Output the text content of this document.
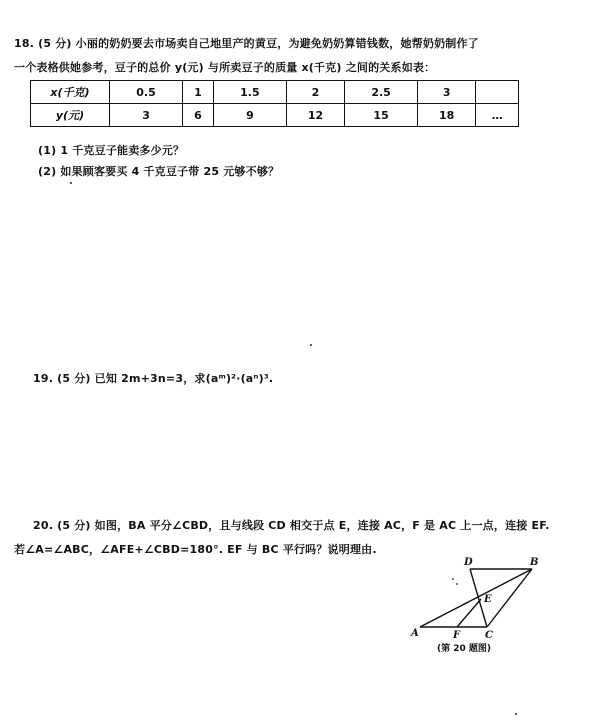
18. (5 分) 小丽的奶奶要去市场卖自己地里产的黄豆，为避免奶奶算错钱数，她帮奶奶制作了
一个表格供她参考，豆子的总价 y(元) 与所卖豆子的质量 x(千克) 之间的关系如表：
x(千克)	0.5	1	1.5	2	2.5	3	
y(元)	3	6	9	12	15	18	…
(1) 1 千克豆子能卖多少元？
(2) 如果顾客要买 4 千克豆子带 25 元够不够？
19. (5 分) 已知 2m+3n=3，求(aᵐ)²·(aⁿ)³.
20. (5 分) 如图，BA 平分∠CBD，且与线段 CD 相交于点 E，连接 AC，F 是 AC 上一点，连接 EF.
若∠A=∠ABC，∠AFE+∠CBD=180°. EF 与 BC 平行吗？说明理由.
D	B
E
A	F C
(第 20 题图)
